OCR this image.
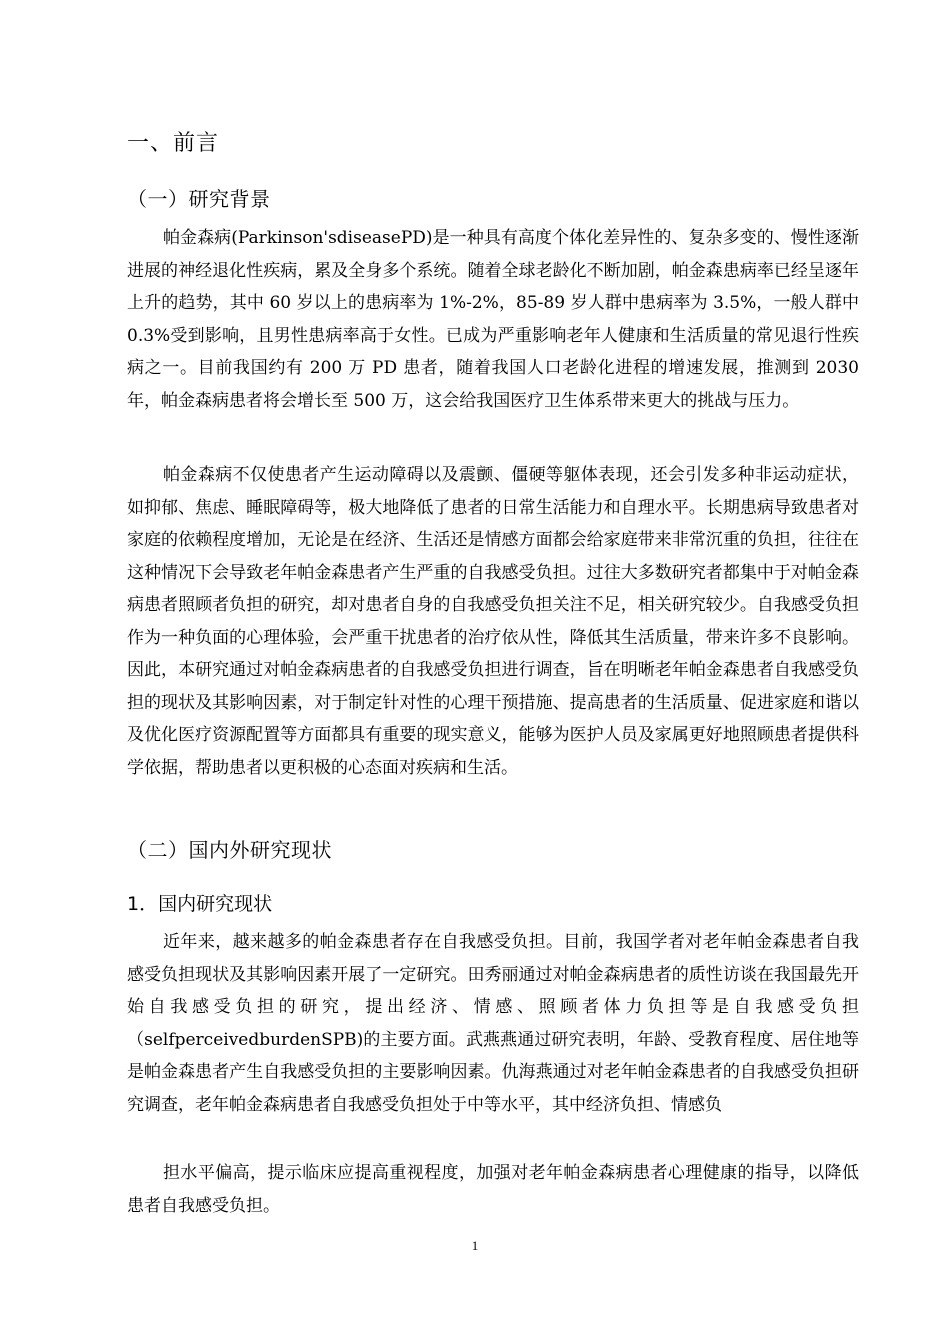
一、前言
（一）研究背景

帕金森病(Parkinson'sdiseasePD)是一种具有高度个体化差异性的、复杂多变的、慢性逐渐进展的神经退化性疾病，累及全身多个系统。随着全球老龄化不断加剧，帕金森患病率已经呈逐年上升的趋势，其中 60 岁以上的患病率为 1%-2%，85-89 岁人群中患病率为 3.5%，一般人群中 0.3%受到影响，且男性患病率高于女性。已成为严重影响老年人健康和生活质量的常见退行性疾病之一。目前我国约有 200 万 PD 患者，随着我国人口老龄化进程的增速发展，推测到 2030 年，帕金森病患者将会增长至 500 万，这会给我国医疗卫生体系带来更大的挑战与压力。

帕金森病不仅使患者产生运动障碍以及震颤、僵硬等躯体表现，还会引发多种非运动症状，如抑郁、焦虑、睡眠障碍等，极大地降低了患者的日常生活能力和自理水平。长期患病导致患者对家庭的依赖程度增加，无论是在经济、生活还是情感方面都会给家庭带来非常沉重的负担，往往在这种情况下会导致老年帕金森患者产生严重的自我感受负担。过往大多数研究者都集中于对帕金森病患者照顾者负担的研究，却对患者自身的自我感受负担关注不足，相关研究较少。自我感受负担作为一种负面的心理体验，会严重干扰患者的治疗依从性，降低其生活质量，带来许多不良影响。因此，本研究通过对帕金森病患者的自我感受负担进行调查，旨在明晰老年帕金森患者自我感受负担的现状及其影响因素，对于制定针对性的心理干预措施、提高患者的生活质量、促进家庭和谐以及优化医疗资源配置等方面都具有重要的现实意义，能够为医护人员及家属更好地照顾患者提供科学依据，帮助患者以更积极的心态面对疾病和生活。

（二）国内外研究现状
1．国内研究现状

近年来，越来越多的帕金森患者存在自我感受负担。目前，我国学者对老年帕金森患者自我感受负担现状及其影响因素开展了一定研究。田秀丽通过对帕金森病患者的质性访谈在我国最先开始自我感受负担的研究，提出经济、情感、照顾者体力负担等是自我感受负担（selfperceivedburdenSPB)的主要方面。武燕燕通过研究表明，年龄、受教育程度、居住地等是帕金森患者产生自我感受负担的主要影响因素。仇海燕通过对老年帕金森患者的自我感受负担研究调查，老年帕金森病患者自我感受负担处于中等水平，其中经济负担、情感负

担水平偏高，提示临床应提高重视程度，加强对老年帕金森病患者心理健康的指导，以降低患者自我感受负担。

1
